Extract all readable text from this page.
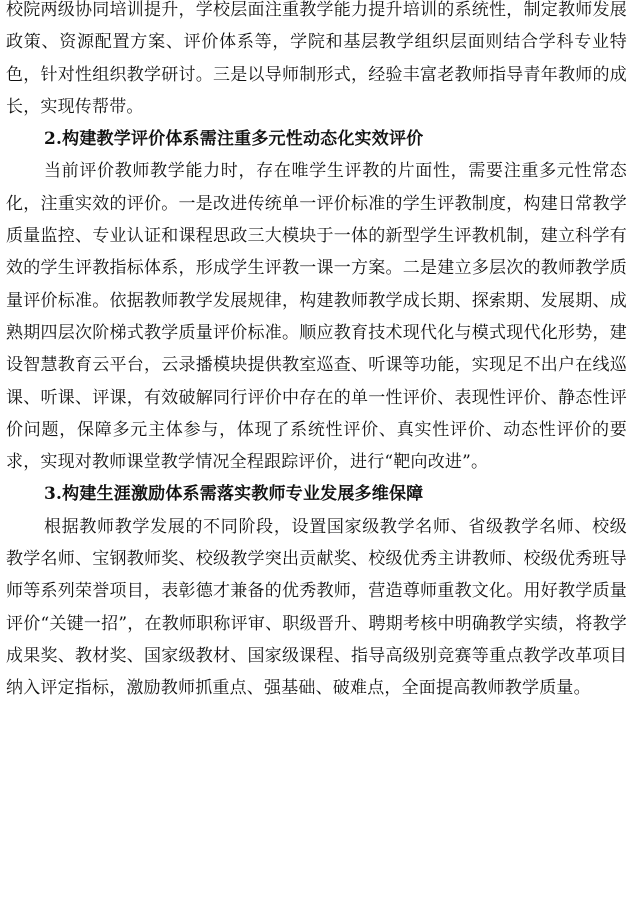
校院两级协同培训提升，学校层面注重教学能力提升培训的系统性，制定教师发展政策、资源配置方案、评价体系等，学院和基层教学组织层面则结合学科专业特色，针对性组织教学研讨。三是以导师制形式，经验丰富老教师指导青年教师的成长，实现传帮带。

2.构建教学评价体系需注重多元性动态化实效评价

当前评价教师教学能力时，存在唯学生评教的片面性，需要注重多元性常态化，注重实效的评价。一是改进传统单一评价标准的学生评教制度，构建日常教学质量监控、专业认证和课程思政三大模块于一体的新型学生评教机制，建立科学有效的学生评教指标体系，形成学生评教一课一方案。二是建立多层次的教师教学质量评价标准。依据教师教学发展规律，构建教师教学成长期、探索期、发展期、成熟期四层次阶梯式教学质量评价标准。顺应教育技术现代化与模式现代化形势，建设智慧教育云平台，云录播模块提供教室巡查、听课等功能，实现足不出户在线巡课、听课、评课，有效破解同行评价中存在的单一性评价、表现性评价、静态性评价问题，保障多元主体参与，体现了系统性评价、真实性评价、动态性评价的要求，实现对教师课堂教学情况全程跟踪评价，进行“靶向改进”。

3.构建生涯激励体系需落实教师专业发展多维保障

根据教师教学发展的不同阶段，设置国家级教学名师、省级教学名师、校级教学名师、宝钢教师奖、校级教学突出贡献奖、校级优秀主讲教师、校级优秀班导师等系列荣誉项目，表彰德才兼备的优秀教师，营造尊师重教文化。用好教学质量评价“关键一招”，在教师职称评审、职级晋升、聘期考核中明确教学实绩，将教学成果奖、教材奖、国家级教材、国家级课程、指导高级别竞赛等重点教学改革项目纳入评定指标，激励教师抓重点、强基础、破难点，全面提高教师教学质量。
